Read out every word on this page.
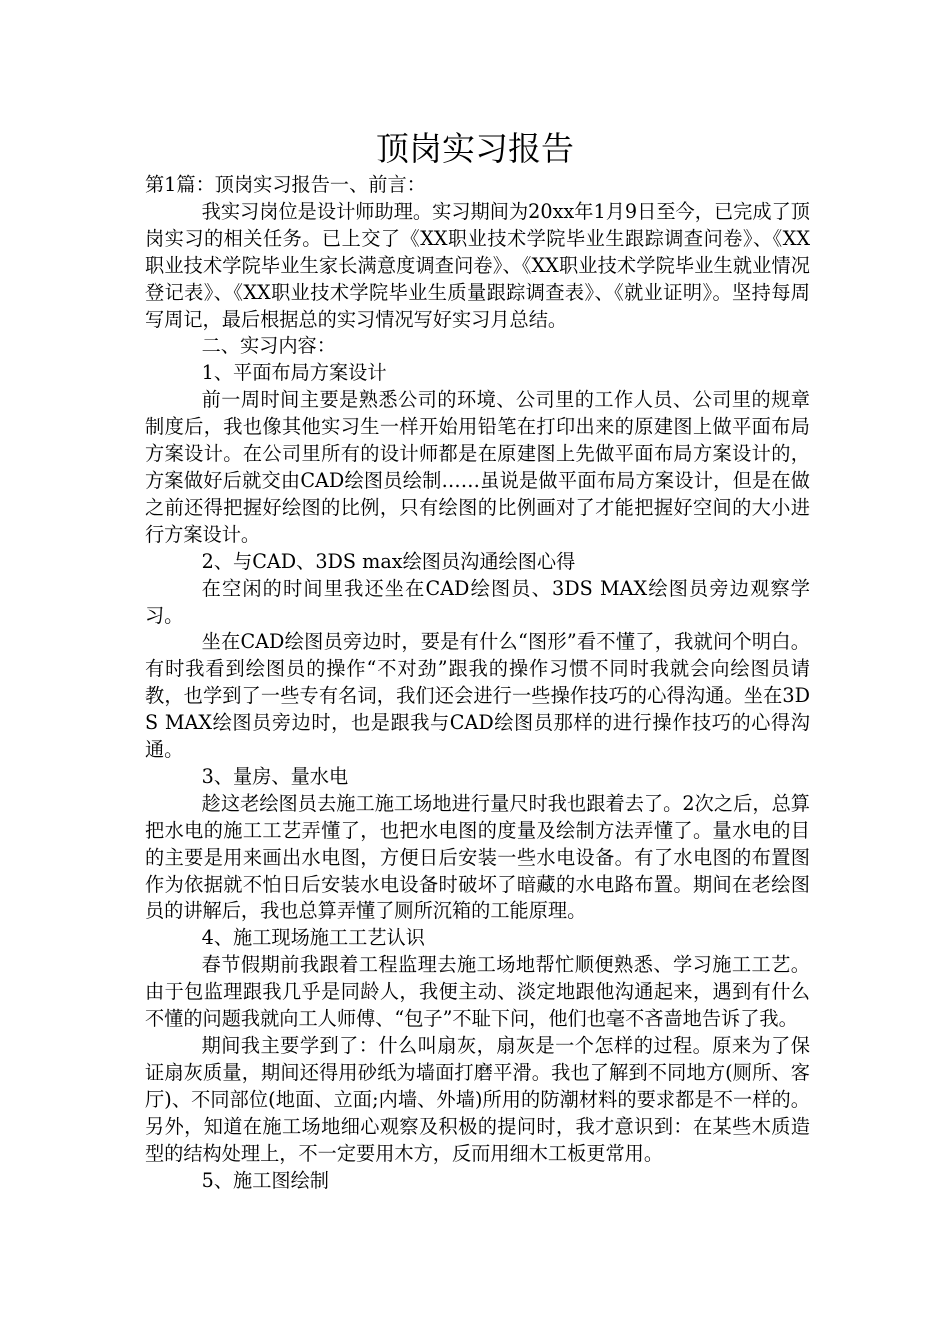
顶岗实习报告

第1篇：顶岗实习报告一、前言：

我实习岗位是设计师助理。实习期间为20xx年1月9日至今，已完成了顶岗实习的相关任务。已上交了《XX职业技术学院毕业生跟踪调查问卷》、《XX职业技术学院毕业生家长满意度调查问卷》、《XX职业技术学院毕业生就业情况登记表》、《XX职业技术学院毕业生质量跟踪调查表》、《就业证明》。坚持每周写周记，最后根据总的实习情况写好实习月总结。

二、实习内容：

1、平面布局方案设计

前一周时间主要是熟悉公司的环境、公司里的工作人员、公司里的规章制度后，我也像其他实习生一样开始用铅笔在打印出来的原建图上做平面布局方案设计。在公司里所有的设计师都是在原建图上先做平面布局方案设计的，方案做好后就交由CAD绘图员绘制……虽说是做平面布局方案设计，但是在做之前还得把握好绘图的比例，只有绘图的比例画对了才能把握好空间的大小进行方案设计。

2、与CAD、3DS max绘图员沟通绘图心得

在空闲的时间里我还坐在CAD绘图员、3DS MAX绘图员旁边观察学习。

坐在CAD绘图员旁边时，要是有什么“图形”看不懂了，我就问个明白。有时我看到绘图员的操作“不对劲”跟我的操作习惯不同时我就会向绘图员请教，也学到了一些专有名词，我们还会进行一些操作技巧的心得沟通。坐在3DS MAX绘图员旁边时，也是跟我与CAD绘图员那样的进行操作技巧的心得沟通。

3、量房、量水电

趁这老绘图员去施工施工场地进行量尺时我也跟着去了。2次之后，总算把水电的施工工艺弄懂了，也把水电图的度量及绘制方法弄懂了。量水电的目的主要是用来画出水电图，方便日后安装一些水电设备。有了水电图的布置图作为依据就不怕日后安装水电设备时破坏了暗藏的水电路布置。期间在老绘图员的讲解后，我也总算弄懂了厕所沉箱的工能原理。

4、施工现场施工工艺认识

春节假期前我跟着工程监理去施工场地帮忙顺便熟悉、学习施工工艺。由于包监理跟我几乎是同龄人，我便主动、淡定地跟他沟通起来，遇到有什么不懂的问题我就向工人师傅、“包子”不耻下问，他们也毫不吝啬地告诉了我。

期间我主要学到了：什么叫扇灰，扇灰是一个怎样的过程。原来为了保证扇灰质量，期间还得用砂纸为墙面打磨平滑。我也了解到不同地方(厕所、客厅)、不同部位(地面、立面;内墙、外墙)所用的防潮材料的要求都是不一样的。另外，知道在施工场地细心观察及积极的提问时，我才意识到：在某些木质造型的结构处理上，不一定要用木方，反而用细木工板更常用。

5、施工图绘制
